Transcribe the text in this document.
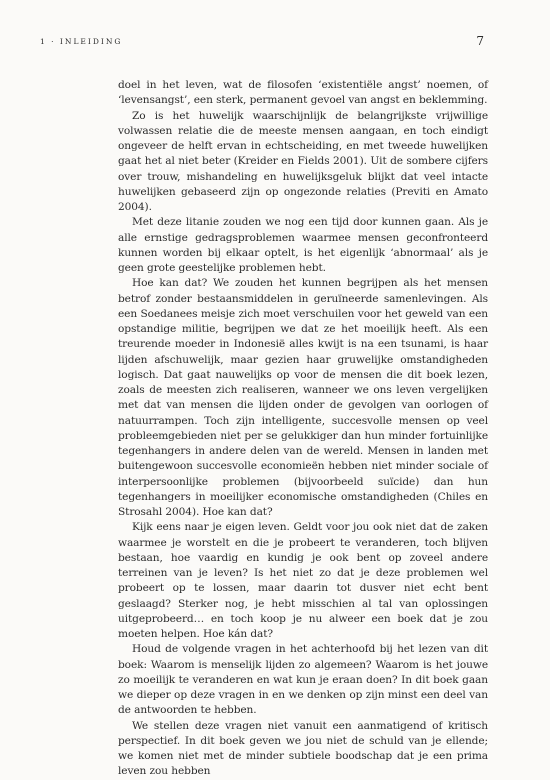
1 · INLEIDING	7

doel in het leven, wat de filosofen ‘existentiële angst’ noemen, of ‘levensangst’, een sterk, permanent gevoel van angst en beklemming.

Zo is het huwelijk waarschijnlijk de belangrijkste vrijwillige volwassen relatie die de meeste mensen aangaan, en toch eindigt ongeveer de helft ervan in echtscheiding, en met tweede huwelijken gaat het al niet beter (Kreider en Fields 2001). Uit de sombere cijfers over trouw, mishandeling en huwelijksgeluk blijkt dat veel intacte huwelijken gebaseerd zijn op ongezonde relaties (Previti en Amato 2004).

Met deze litanie zouden we nog een tijd door kunnen gaan. Als je alle ernstige gedragsproblemen waarmee mensen geconfronteerd kunnen worden bij elkaar optelt, is het eigenlijk ‘abnormaal’ als je geen grote geestelijke problemen hebt.

Hoe kan dat? We zouden het kunnen begrijpen als het mensen betrof zonder bestaansmiddelen in geruïneerde samenlevingen. Als een Soedanees meisje zich moet verschuilen voor het geweld van een opstandige militie, begrijpen we dat ze het moeilijk heeft. Als een treurende moeder in Indonesië alles kwijt is na een tsunami, is haar lijden afschuwelijk, maar gezien haar gruwelijke omstandigheden logisch. Dat gaat nauwelijks op voor de mensen die dit boek lezen, zoals de meesten zich realiseren, wanneer we ons leven vergelijken met dat van mensen die lijden onder de gevolgen van oorlogen of natuurrampen. Toch zijn intelligente, succesvolle mensen op veel probleemgebieden niet per se gelukkiger dan hun minder fortuinlijke tegenhangers in andere delen van de wereld. Mensen in landen met buitengewoon succesvolle economieën hebben niet minder sociale of interpersoonlijke problemen (bijvoorbeeld suïcide) dan hun tegenhangers in moeilijker economische omstandigheden (Chiles en Strosahl 2004). Hoe kan dat?

Kijk eens naar je eigen leven. Geldt voor jou ook niet dat de zaken waarmee je worstelt en die je probeert te veranderen, toch blijven bestaan, hoe vaardig en kundig je ook bent op zoveel andere terreinen van je leven? Is het niet zo dat je deze problemen wel probeert op te lossen, maar daarin tot dusver niet echt bent geslaagd? Sterker nog, je hebt misschien al tal van oplossingen uitgeprobeerd… en toch koop je nu alweer een boek dat je zou moeten helpen. Hoe kán dat?

Houd de volgende vragen in het achterhoofd bij het lezen van dit boek: Waarom is menselijk lijden zo algemeen? Waarom is het jouwe zo moeilijk te veranderen en wat kun je eraan doen? In dit boek gaan we dieper op deze vragen in en we denken op zijn minst een deel van de antwoorden te hebben.

We stellen deze vragen niet vanuit een aanmatigend of kritisch perspectief. In dit boek geven we jou niet de schuld van je ellende; we komen niet met de minder subtiele boodschap dat je een prima leven zou hebben
